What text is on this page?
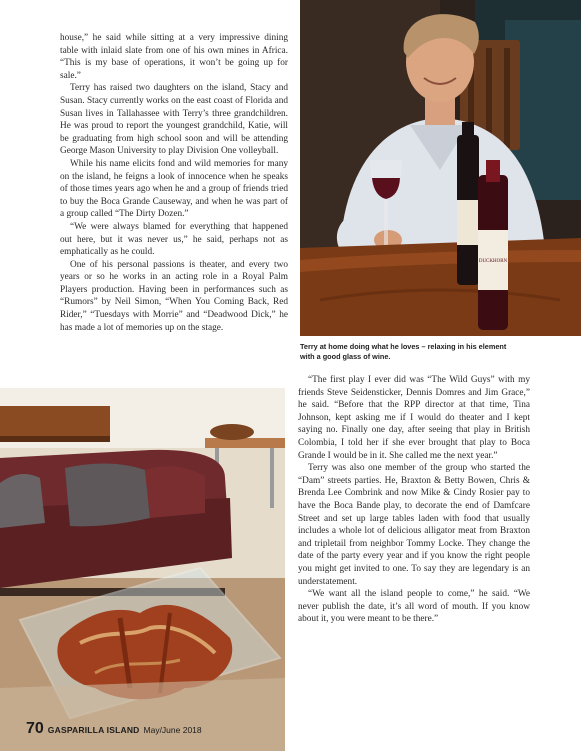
house,” he said while sitting at a very impressive dining table with inlaid slate from one of his own mines in Africa. “This is my base of operations, it won’t be going up for sale.”

Terry has raised two daughters on the island, Stacy and Susan. Stacy currently works on the east coast of Florida and Susan lives in Tallahassee with Terry’s three grandchildren. He was proud to report the youngest grandchild, Katie, will be graduating from high school soon and will be attending George Mason University to play Division One volleyball.

While his name elicits fond and wild memories for many on the island, he feigns a look of innocence when he speaks of those times years ago when he and a group of friends tried to buy the Boca Grande Causeway, and when he was part of a group called “The Dirty Dozen.”

“We were always blamed for everything that happened out here, but it was never us,” he said, perhaps not as emphatically as he could.

One of his personal passions is theater, and every two years or so he works in an acting role in a Royal Palm Players production. Having been in performances such as “Rumors” by Neil Simon, “When You Coming Back, Red Rider,” “Tuesdays with Morrie” and “Deadwood Dick,” he has made a lot of memories up on the stage.

DUCKHORN
Terry at home doing what he loves – relaxing in his element with a good glass of wine.

“The first play I ever did was “The Wild Guys” with my friends Steve Seidensticker, Dennis Domres and Jim Grace,” he said. “Before that the RPP director at that time, Tina Johnson, kept asking me if I would do theater and I kept saying no. Finally one day, after seeing that play in British Colombia, I told her if she ever brought that play to Boca Grande I would be in it. She called me the next year.”

Terry was also one member of the group who started the “Dam” streets parties. He, Braxton & Betty Bowen, Chris & Brenda Lee Combrink and now Mike & Cindy Rosier pay to have the Boca Bande play, to decorate the end of Damfcare Street and set up large tables laden with food that usually includes a whole lot of delicious alligator meat from Braxton and tripletail from neighbor Tommy Locke. They change the date of the party every year and if you know the right people you might get invited to one. To say they are legendary is an understatement.

“We want all the island people to come,” he said. “We never publish the date, it’s all word of mouth. If you know about it, you were meant to be there.”

70 GASPARILLA ISLAND May/June 2018
